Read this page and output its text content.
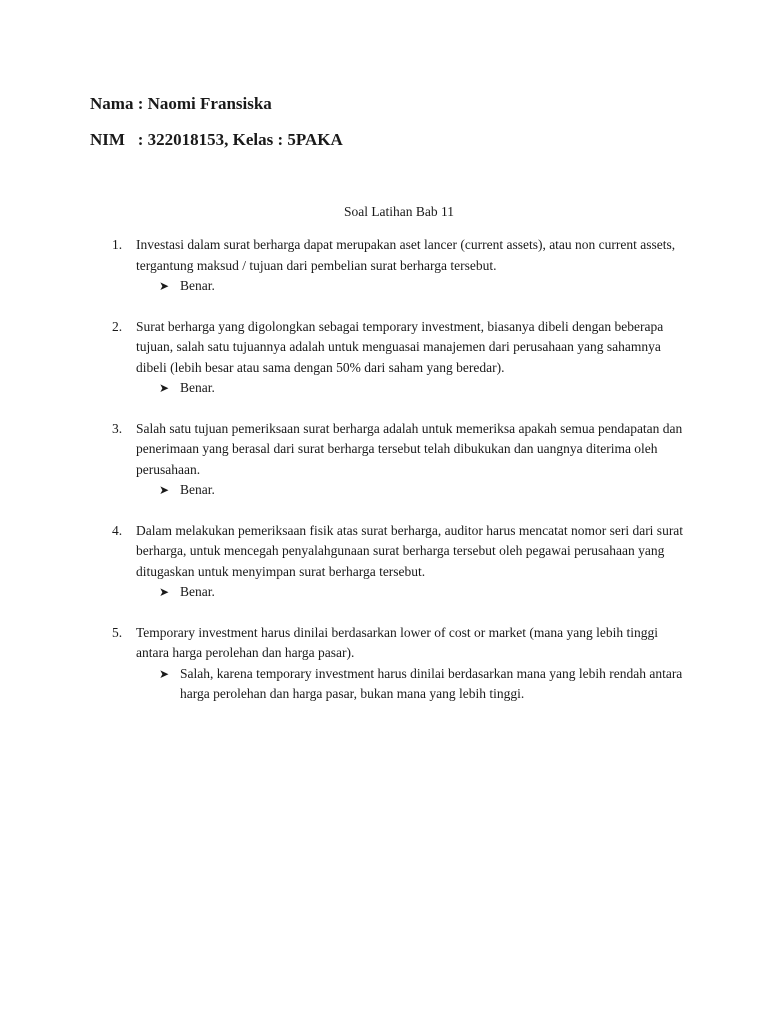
Nama : Naomi Fransiska

NIM   : 322018153, Kelas : 5PAKA

Soal Latihan Bab 11
1. Investasi dalam surat berharga dapat merupakan aset lancer (current assets), atau non current assets, tergantung maksud / tujuan dari pembelian surat berharga tersebut.

➤ Benar.

2. Surat berharga yang digolongkan sebagai temporary investment, biasanya dibeli dengan beberapa tujuan, salah satu tujuannya adalah untuk menguasai manajemen dari perusahaan yang sahamnya dibeli (lebih besar atau sama dengan 50% dari saham yang beredar).

➤ Benar.

3. Salah satu tujuan pemeriksaan surat berharga adalah untuk memeriksa apakah semua pendapatan dan penerimaan yang berasal dari surat berharga tersebut telah dibukukan dan uangnya diterima oleh perusahaan.

➤ Benar.

4. Dalam melakukan pemeriksaan fisik atas surat berharga, auditor harus mencatat nomor seri dari surat berharga, untuk mencegah penyalahgunaan surat berharga tersebut oleh pegawai perusahaan yang ditugaskan untuk menyimpan surat berharga tersebut.

➤ Benar.

5. Temporary investment harus dinilai berdasarkan lower of cost or market (mana yang lebih tinggi antara harga perolehan dan harga pasar).

➤ Salah, karena temporary investment harus dinilai berdasarkan mana yang lebih rendah antara harga perolehan dan harga pasar, bukan mana yang lebih tinggi.
